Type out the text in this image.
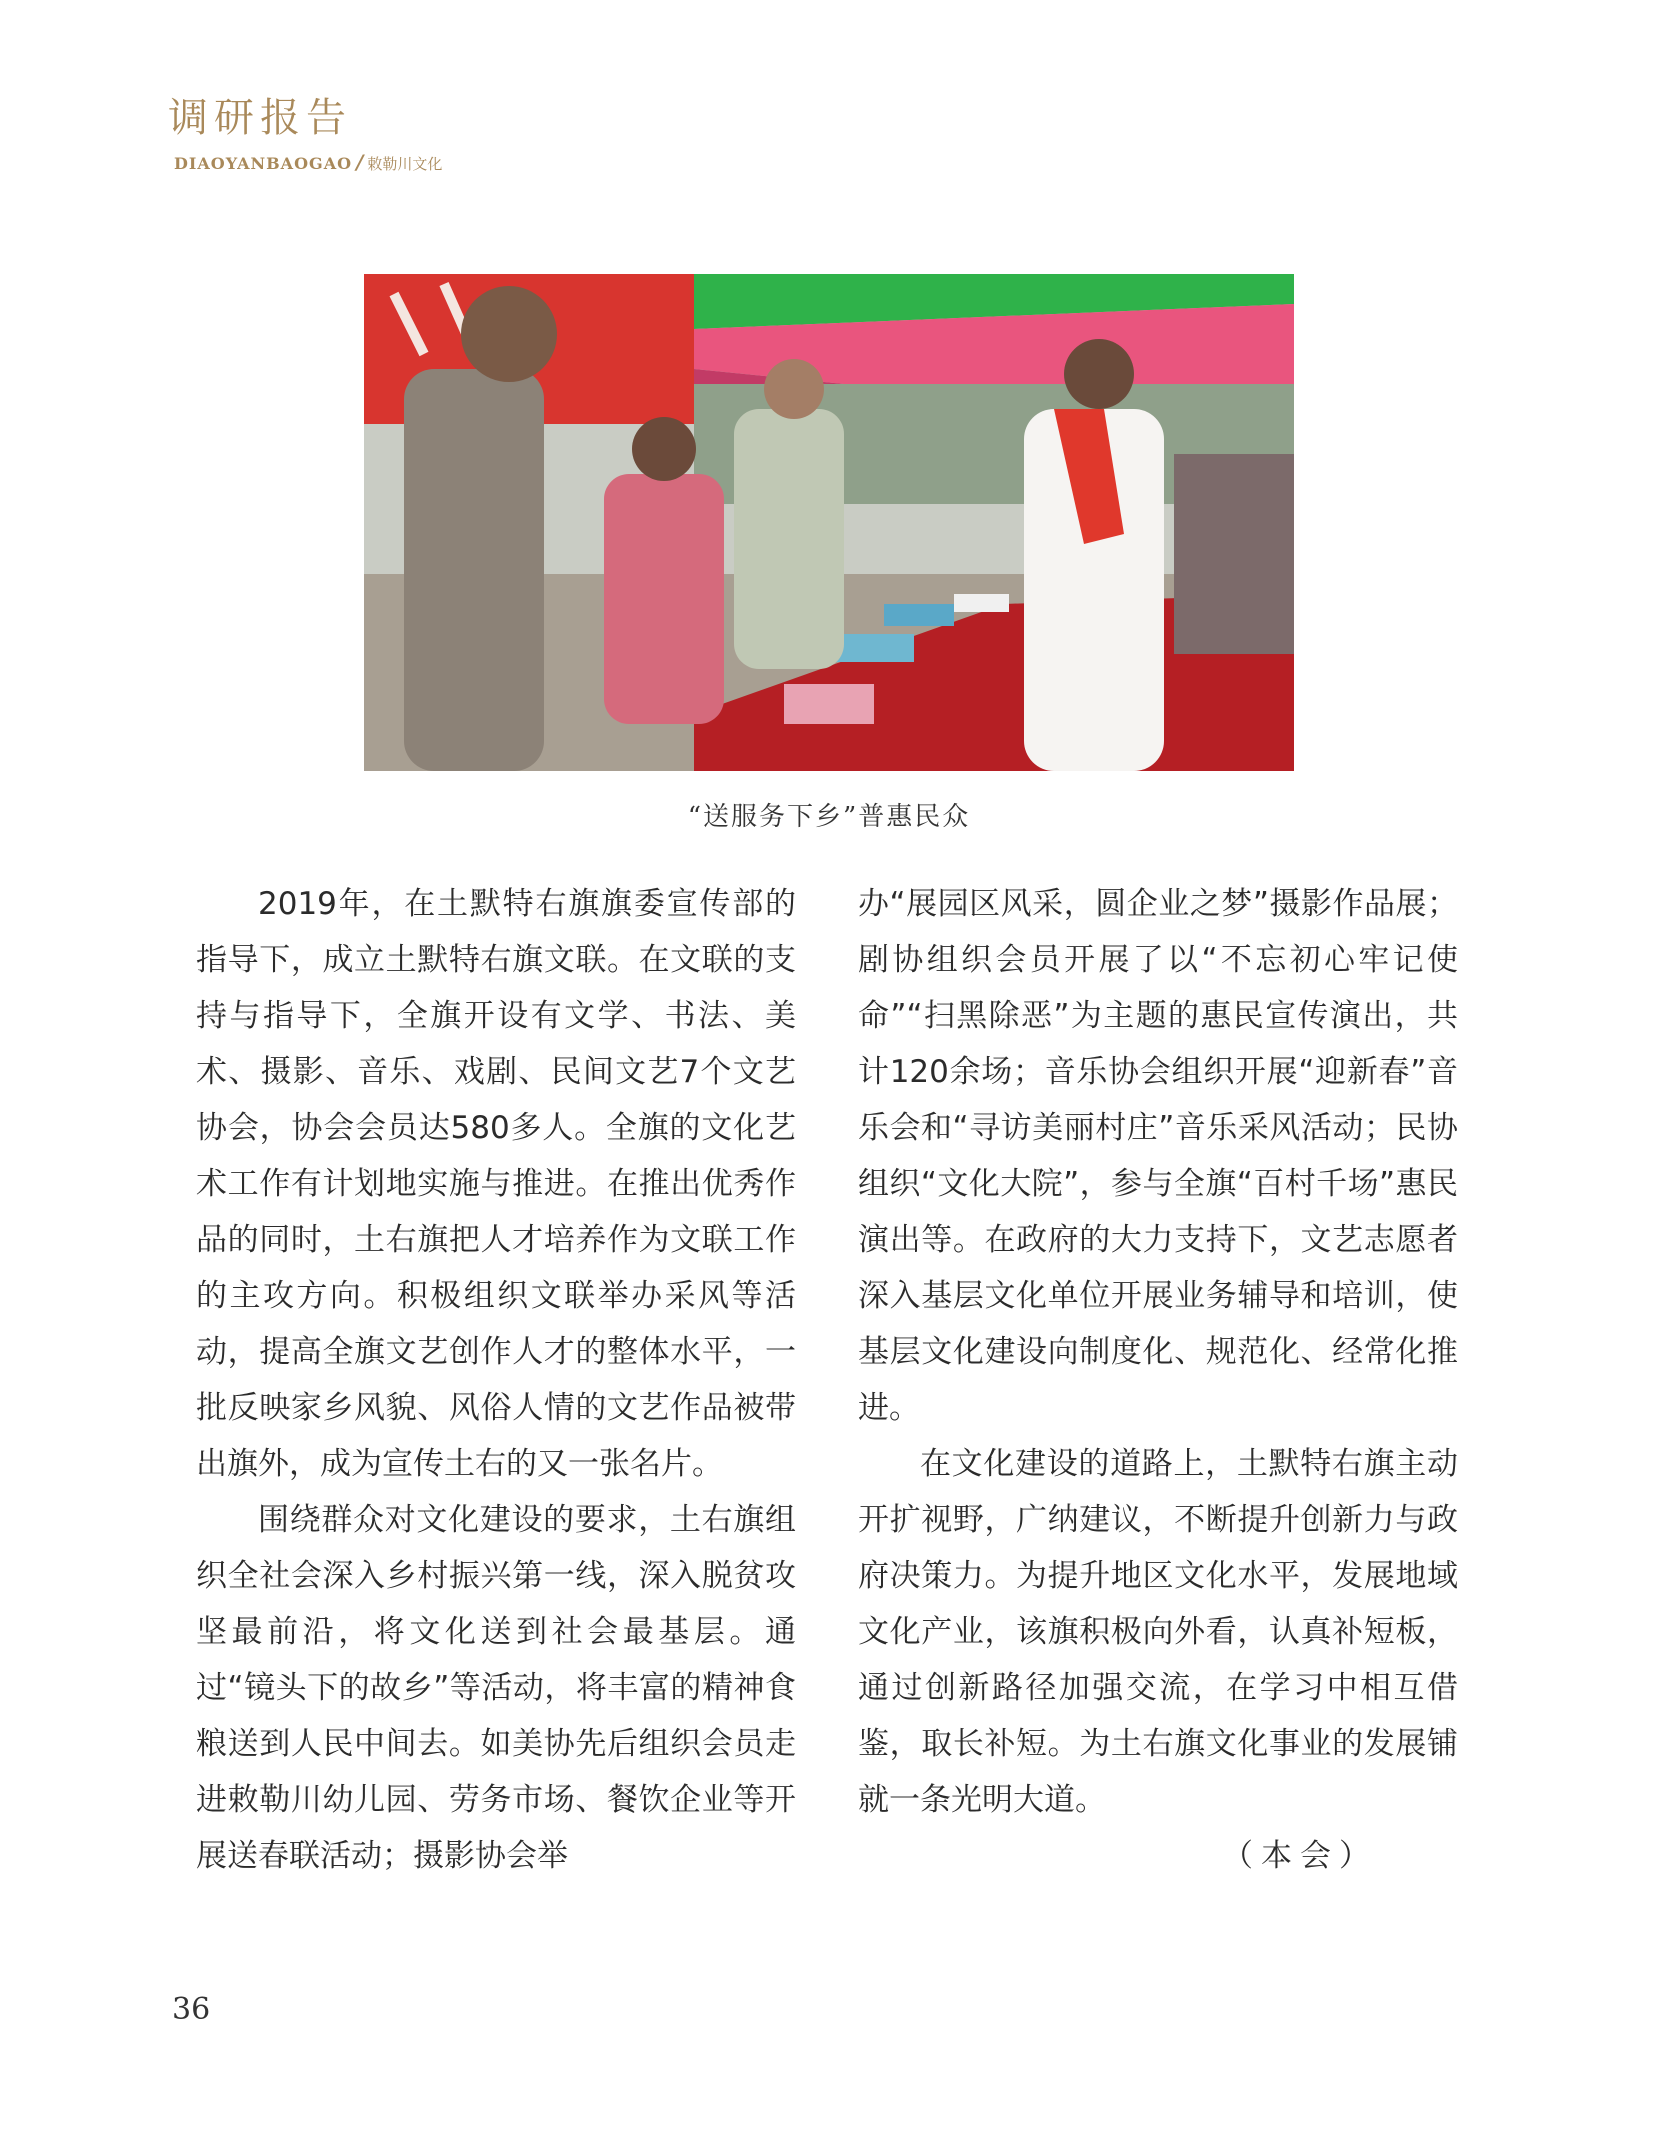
调研报告
DIAOYANBAOGAO / 敕勒川文化
“送服务下乡”普惠民众

2019年，在土默特右旗旗委宣传部的指导下，成立土默特右旗文联。在文联的支持与指导下，全旗开设有文学、书法、美术、摄影、音乐、戏剧、民间文艺7个文艺协会，协会会员达580多人。全旗的文化艺术工作有计划地实施与推进。在推出优秀作品的同时，土右旗把人才培养作为文联工作的主攻方向。积极组织文联举办采风等活动，提高全旗文艺创作人才的整体水平，一批反映家乡风貌、风俗人情的文艺作品被带出旗外，成为宣传土右的又一张名片。

围绕群众对文化建设的要求，土右旗组织全社会深入乡村振兴第一线，深入脱贫攻坚最前沿，将文化送到社会最基层。通过“镜头下的故乡”等活动，将丰富的精神食粮送到人民中间去。如美协先后组织会员走进敕勒川幼儿园、劳务市场、餐饮企业等开展送春联活动；摄影协会举

办“展园区风采，圆企业之梦”摄影作品展；剧协组织会员开展了以“不忘初心牢记使命”“扫黑除恶”为主题的惠民宣传演出，共计120余场；音乐协会组织开展“迎新春”音乐会和“寻访美丽村庄”音乐采风活动；民协组织“文化大院”，参与全旗“百村千场”惠民演出等。在政府的大力支持下，文艺志愿者深入基层文化单位开展业务辅导和培训，使基层文化建设向制度化、规范化、经常化推进。

在文化建设的道路上，土默特右旗主动开扩视野，广纳建议，不断提升创新力与政府决策力。为提升地区文化水平，发展地域文化产业，该旗积极向外看，认真补短板，通过创新路径加强交流，在学习中相互借鉴，取长补短。为土右旗文化事业的发展铺就一条光明大道。

（本会）

36
